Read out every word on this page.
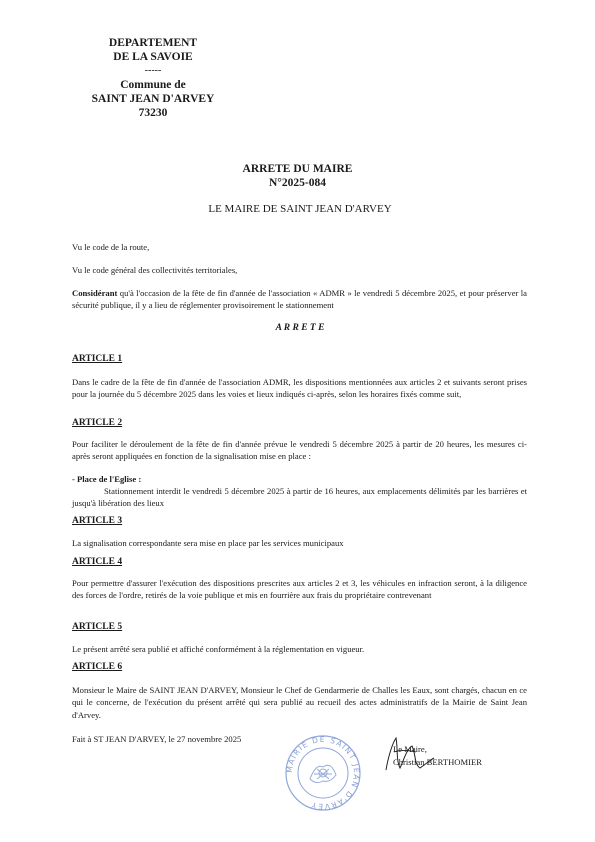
DEPARTEMENT
DE LA SAVOIE
-----
Commune de
SAINT JEAN D'ARVEY
73230
ARRETE DU MAIRE
N°2025-084
LE MAIRE DE SAINT JEAN D'ARVEY
Vu le code de la route,
Vu le code général des collectivités territoriales,
Considérant qu'à l'occasion de la fête de fin d'année de l'association « ADMR » le vendredi 5 décembre 2025, et pour préserver la sécurité publique, il y a lieu de réglementer provisoirement le stationnement
A R R E T E
ARTICLE 1
Dans le cadre de la fête de fin d'année de l'association ADMR, les dispositions mentionnées aux articles 2 et suivants seront prises pour la journée du 5 décembre 2025 dans les voies et lieux indiqués ci-après, selon les horaires fixés comme suit,
ARTICLE 2
Pour faciliter le déroulement de la fête de fin d'année prévue le vendredi 5 décembre 2025 à partir de 20 heures, les mesures ci-après seront appliquées en fonction de la signalisation mise en place :
- Place de l'Eglise :
Stationnement interdit le vendredi 5 décembre 2025 à partir de 16 heures, aux emplacements délimités par les barrières et jusqu'à libération des lieux
ARTICLE 3
La signalisation correspondante sera mise en place par les services municipaux
ARTICLE 4
Pour permettre d'assurer l'exécution des dispositions prescrites aux articles 2 et 3, les véhicules en infraction seront, à la diligence des forces de l'ordre, retirés de la voie publique et mis en fourrière aux frais du propriétaire contrevenant
ARTICLE 5
Le présent arrêté sera publié et affiché conformément à la réglementation en vigueur.
ARTICLE 6
Monsieur le Maire de SAINT JEAN D'ARVEY, Monsieur le Chef de Gendarmerie de Challes les Eaux, sont chargés, chacun en ce qui le concerne, de l'exécution du présent arrêté qui sera publié au recueil des actes administratifs de la Mairie de Saint Jean d'Arvey.
Fait à ST JEAN D'ARVEY, le 27 novembre 2025
MAIRIE DE SAINT JEAN D'ARVEY
Le Maire,
Christian BERTHOMIER
